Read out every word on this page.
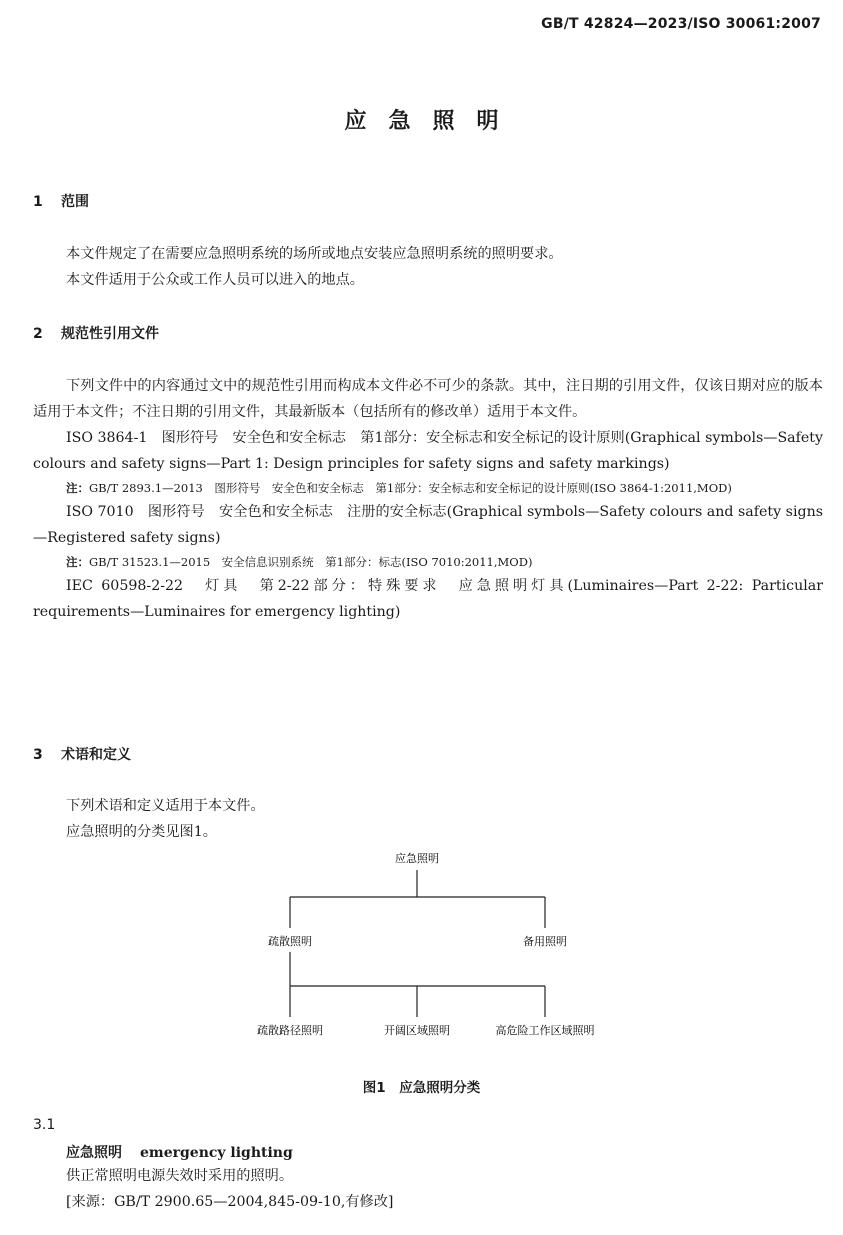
GB/T 42824—2023/ISO 30061:2007
应急照明
1 范围

本文件规定了在需要应急照明系统的场所或地点安装应急照明系统的照明要求。

本文件适用于公众或工作人员可以进入的地点。

2 规范性引用文件

下列文件中的内容通过文中的规范性引用而构成本文件必不可少的条款。其中，注日期的引用文件，仅该日期对应的版本适用于本文件；不注日期的引用文件，其最新版本（包括所有的修改单）适用于本文件。

ISO 3864-1　图形符号　安全色和安全标志　第1部分：安全标志和安全标记的设计原则(Graphical symbols—Safety colours and safety signs—Part 1: Design principles for safety signs and safety markings)

注：GB/T 2893.1—2013　图形符号　安全色和安全标志　第1部分：安全标志和安全标记的设计原则(ISO 3864-1:2011,MOD)

ISO 7010　图形符号　安全色和安全标志　注册的安全标志(Graphical symbols—Safety colours and safety signs—Registered safety signs)

注：GB/T 31523.1—2015　安全信息识别系统　第1部分：标志(ISO 7010:2011,MOD)

IEC 60598-2-22　灯具　第2-22部分：特殊要求　应急照明灯具(Luminaires—Part 2-22: Particular requirements—Luminaires for emergency lighting)

3 术语和定义

下列术语和定义适用于本文件。

应急照明的分类见图1。

应急照明
疏散照明	备用照明
疏散路径照明	开阔区域照明	高危险工作区域照明
图1　应急照明分类
3.1
应急照明 emergency lighting
供正常照明电源失效时采用的照明。
[来源：GB/T 2900.65—2004,845-09-10,有修改]
